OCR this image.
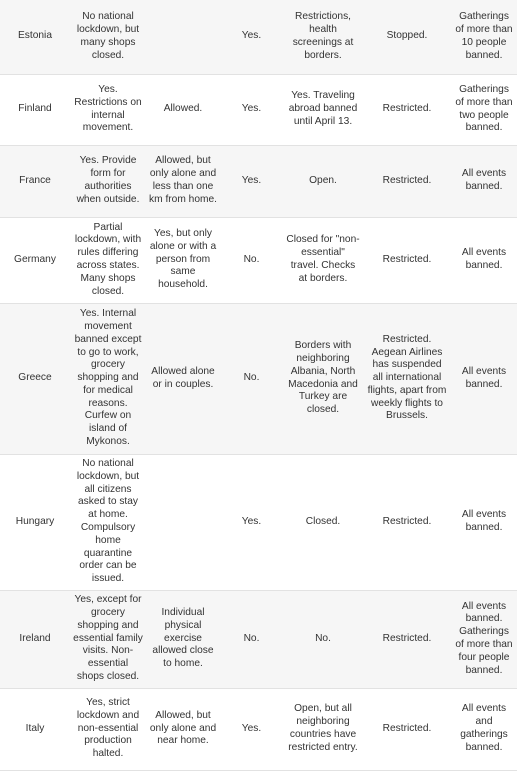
Estonia	No national lockdown, but many shops closed.		Yes.	Restrictions, health screenings at borders.	Stopped.	Gatherings of more than 10 people banned.
Finland	Yes. Restrictions on internal movement.	Allowed.	Yes.	Yes. Traveling abroad banned until April 13.	Restricted.	Gatherings of more than two people banned.
France	Yes. Provide form for authorities when outside.	Allowed, but only alone and less than one km from home.	Yes.	Open.	Restricted.	All events banned.
Germany	Partial lockdown, with rules differing across states. Many shops closed.	Yes, but only alone or with a person from same household.	No.	Closed for "non-essential" travel. Checks at borders.	Restricted.	All events banned.
Greece	Yes. Internal movement banned except to go to work, grocery shopping and for medical reasons. Curfew on island of Mykonos.	Allowed alone or in couples.	No.	Borders with neighboring Albania, North Macedonia and Turkey are closed.	Restricted. Aegean Airlines has suspended all international flights, apart from weekly flights to Brussels.	All events banned.
Hungary	No national lockdown, but all citizens asked to stay at home. Compulsory home quarantine order can be issued.		Yes.	Closed.	Restricted.	All events banned.
Ireland	Yes, except for grocery shopping and essential family visits. Non-essential shops closed.	Individual physical exercise allowed close to home.	No.	No.	Restricted.	All events banned. Gatherings of more than four people banned.
Italy	Yes, strict lockdown and non-essential production halted.	Allowed, but only alone and near home.	Yes.	Open, but all neighboring countries have restricted entry.	Restricted.	All events and gatherings banned.
